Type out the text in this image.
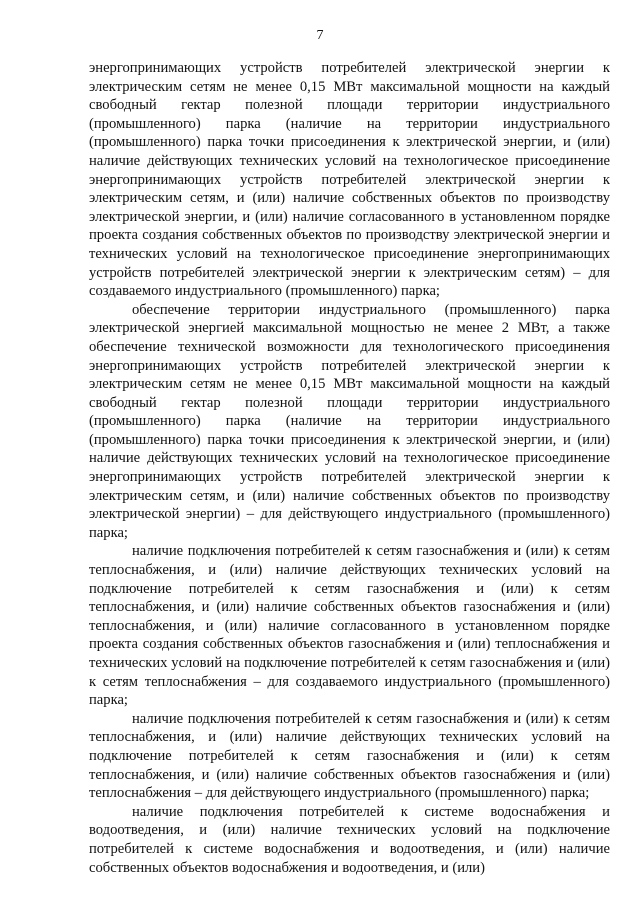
7

энергопринимающих устройств потребителей электрической энергии к электрическим сетям не менее 0,15 МВт максимальной мощности на каждый свободный гектар полезной площади территории индустриального (промышленного) парка (наличие на территории индустриального (промышленного) парка точки присоединения к электрической энергии, и (или) наличие действующих технических условий на технологическое присоединение энергопринимающих устройств потребителей электрической энергии к электрическим сетям, и (или) наличие собственных объектов по производству электрической энергии, и (или) наличие согласованного в установленном порядке проекта создания собственных объектов по производству электрической энергии и технических условий на технологическое присоединение энергопринимающих устройств потребителей электрической энергии к электрическим сетям) – для создаваемого индустриального (промышленного) парка;

обеспечение территории индустриального (промышленного) парка электрической энергией максимальной мощностью не менее 2 МВт, а также обеспечение технической возможности для технологического присоединения энергопринимающих устройств потребителей электрической энергии к электрическим сетям не менее 0,15 МВт максимальной мощности на каждый свободный гектар полезной площади территории индустриального (промышленного) парка (наличие на территории индустриального (промышленного) парка точки присоединения к электрической энергии, и (или) наличие действующих технических условий на технологическое присоединение энергопринимающих устройств потребителей электрической энергии к электрическим сетям, и (или) наличие собственных объектов по производству электрической энергии) – для действующего индустриального (промышленного) парка;

наличие подключения потребителей к сетям газоснабжения и (или) к сетям теплоснабжения, и (или) наличие действующих технических условий на подключение потребителей к сетям газоснабжения и (или) к сетям теплоснабжения, и (или) наличие собственных объектов газоснабжения и (или) теплоснабжения, и (или) наличие согласованного в установленном порядке проекта создания собственных объектов газоснабжения и (или) теплоснабжения и технических условий на подключение потребителей к сетям газоснабжения и (или) к сетям теплоснабжения – для создаваемого индустриального (промышленного) парка;

наличие подключения потребителей к сетям газоснабжения и (или) к сетям теплоснабжения, и (или) наличие действующих технических условий на подключение потребителей к сетям газоснабжения и (или) к сетям теплоснабжения, и (или) наличие собственных объектов газоснабжения и (или) теплоснабжения – для действующего индустриального (промышленного) парка;

наличие подключения потребителей к системе водоснабжения и водоотведения, и (или) наличие технических условий на подключение потребителей к системе водоснабжения и водоотведения, и (или) наличие собственных объектов водоснабжения и водоотведения, и (или)
